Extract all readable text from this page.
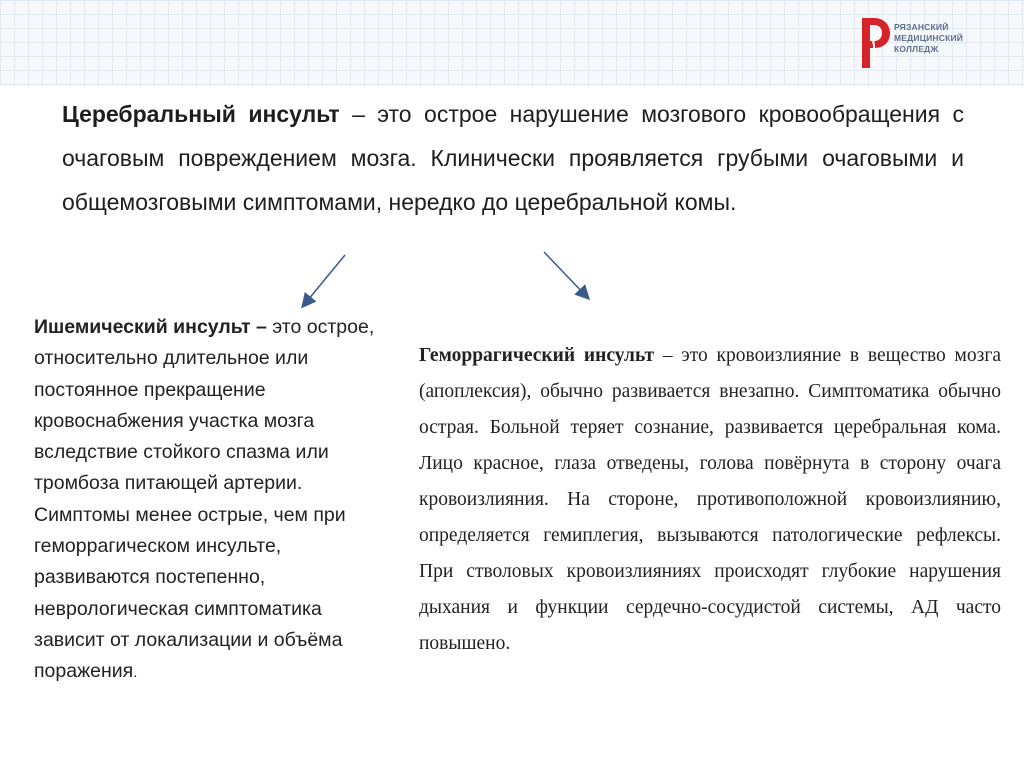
РЯЗАНСКИЙ
МЕДИЦИНСКИЙ
КОЛЛЕДЖ
Церебральный инсульт – это острое нарушение мозгового кровообращения с очаговым повреждением мозга. Клинически проявляется грубыми очаговыми и общемозговыми симптомами, нередко до церебральной комы.
Ишемический инсульт – это острое, относительно длительное или постоянное прекращение кровоснабжения участка мозга вследствие стойкого спазма или тромбоза питающей артерии. Симптомы менее острые, чем при геморрагическом инсульте, развиваются постепенно, неврологическая симптоматика зависит от локализации и объёма поражения.
Геморрагический инсульт – это кровоизлияние в вещество мозга (апоплексия), обычно развивается внезапно. Симптоматика обычно острая. Больной теряет сознание, развивается церебральная кома. Лицо красное, глаза отведены, голова повёрнута в сторону очага кровоизлияния. На стороне, противоположной кровоизлиянию, определяется гемиплегия, вызываются патологические рефлексы. При стволовых кровоизлияниях происходят глубокие нарушения дыхания и функции сердечно-сосудистой системы, АД часто повышено.
